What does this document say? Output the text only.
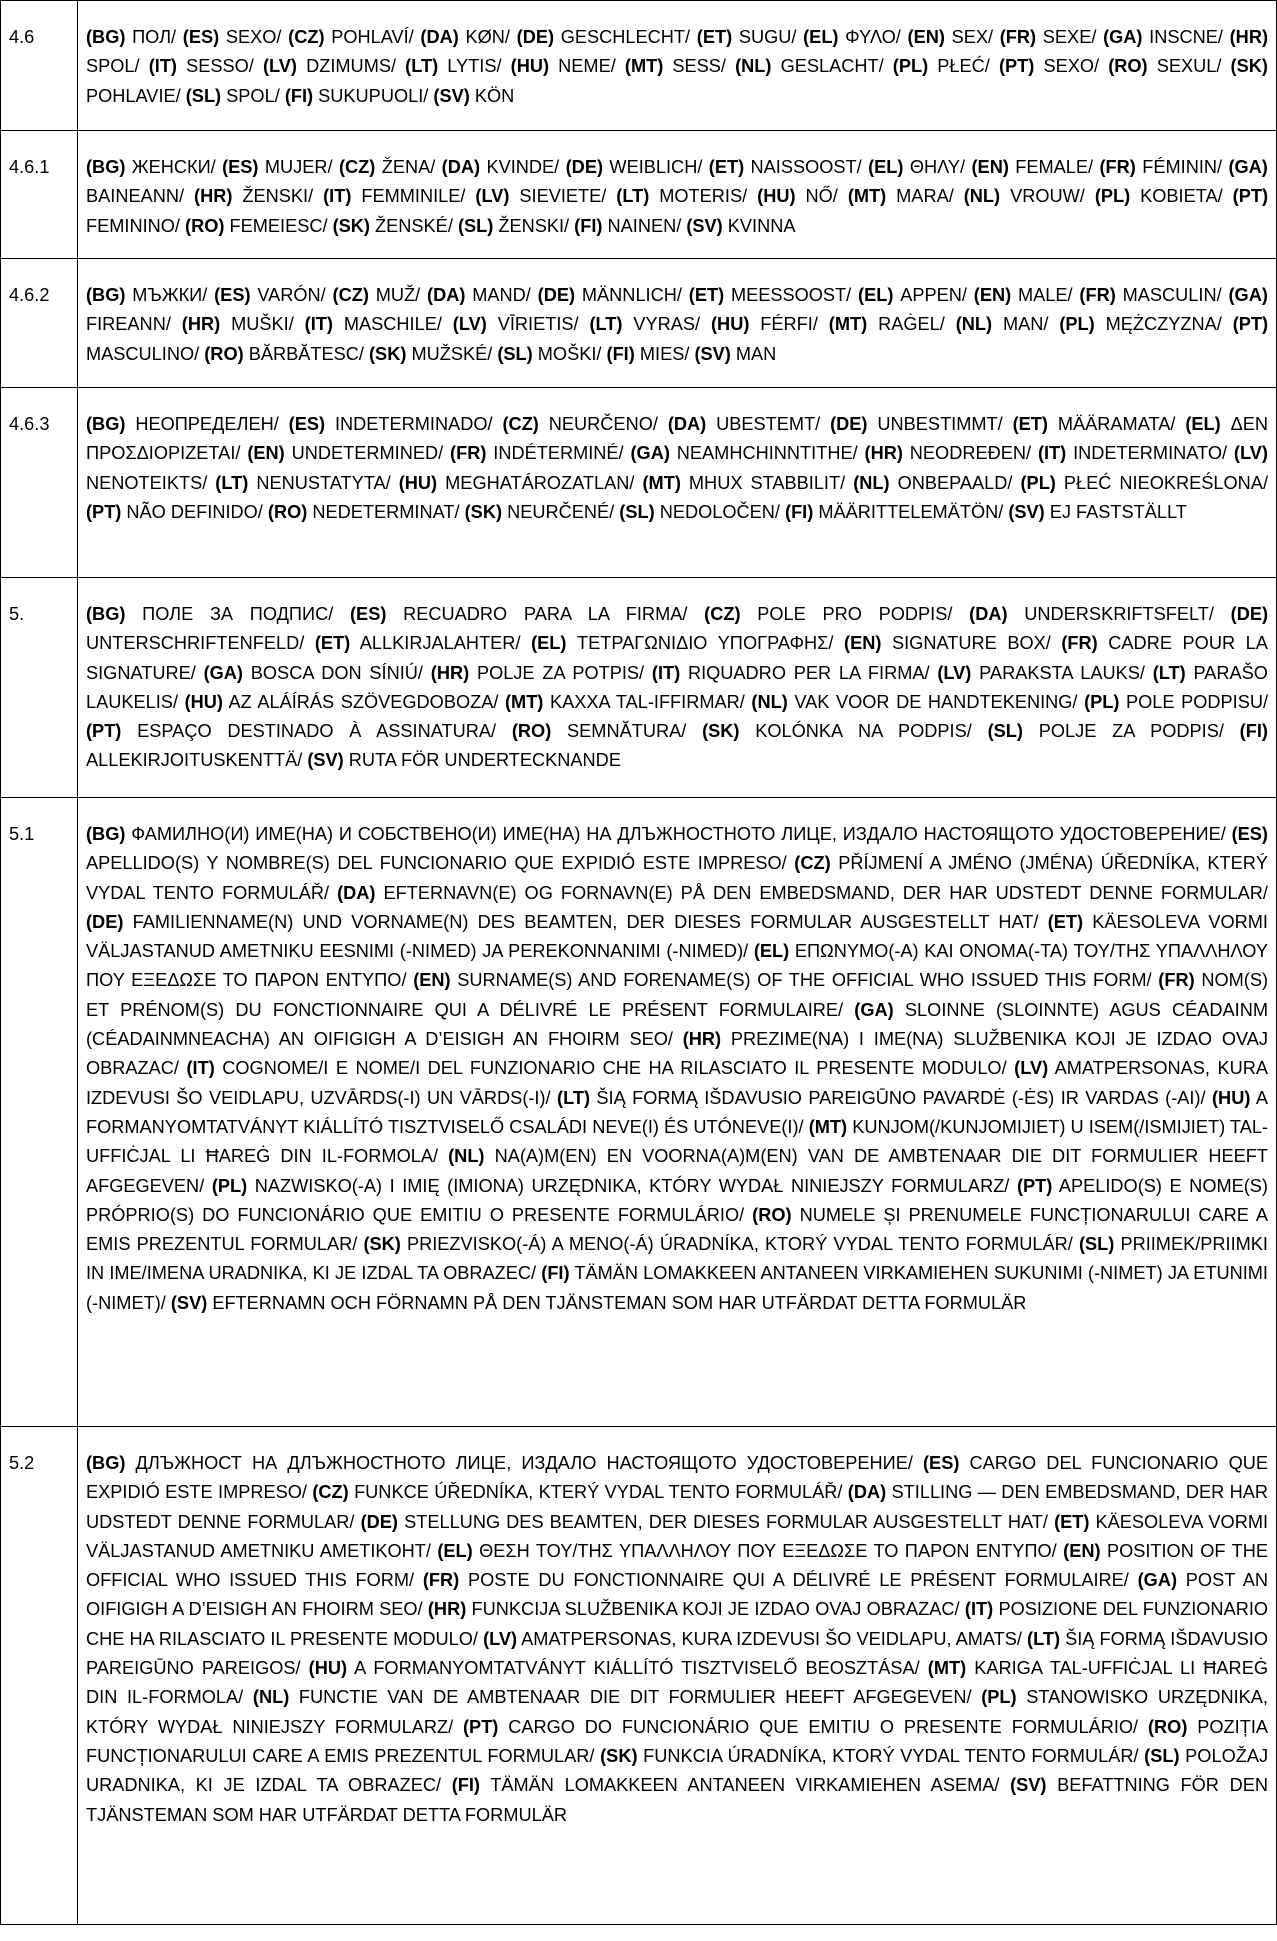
4.6	(BG) ПОЛ/ (ES) SEXO/ (CZ) POHLAVÍ/ (DA) KØN/ (DE) GESCHLECHT/ (ET) SUGU/ (EL) ΦΥΛΟ/ (EN) SEX/ (FR) SEXE/ (GA) INSCNE/ (HR) SPOL/ (IT) SESSO/ (LV) DZIMUMS/ (LT) LYTIS/ (HU) NEME/ (MT) SESS/ (NL) GESLACHT/ (PL) PŁEĆ/ (PT) SEXO/ (RO) SEXUL/ (SK) POHLAVIE/ (SL) SPOL/ (FI) SUKUPUOLI/ (SV) KÖN
4.6.1	(BG) ЖЕНСКИ/ (ES) MUJER/ (CZ) ŽENA/ (DA) KVINDE/ (DE) WEIBLICH/ (ET) NAISSOOST/ (EL) ΘΗΛΥ/ (EN) FEMALE/ (FR) FÉMININ/ (GA) BAINEANN/ (HR) ŽENSKI/ (IT) FEMMINILE/ (LV) SIEVIETE/ (LT) MOTERIS/ (HU) NŐ/ (MT) MARA/ (NL) VROUW/ (PL) KOBIETA/ (PT) FEMININO/ (RO) FEMEIESC/ (SK) ŽENSKÉ/ (SL) ŽENSKI/ (FI) NAINEN/ (SV) KVINNA
4.6.2	(BG) МЪЖКИ/ (ES) VARÓN/ (CZ) MUŽ/ (DA) MAND/ (DE) MÄNNLICH/ (ET) MEESSOOST/ (EL) ΑΡΡΕΝ/ (EN) MALE/ (FR) MASCULIN/ (GA) FIREANN/ (HR) MUŠKI/ (IT) MASCHILE/ (LV) VĪRIETIS/ (LT) VYRAS/ (HU) FÉRFI/ (MT) RAĠEL/ (NL) MAN/ (PL) MĘŻCZYZNA/ (PT) MASCULINO/ (RO) BĂRBĂTESC/ (SK) MUŽSKÉ/ (SL) MOŠKI/ (FI) MIES/ (SV) MAN
4.6.3	(BG) НЕОПРЕДЕЛЕН/ (ES) INDETERMINADO/ (CZ) NEURČENO/ (DA) UBESTEMT/ (DE) UNBESTIMMT/ (ET) MÄÄRAMATA/ (EL) ΔΕΝ ΠΡΟΣΔΙΟΡΙΖΕΤΑΙ/ (EN) UNDETERMINED/ (FR) INDÉTERMINÉ/ (GA) NEAMHCHINNTITHE/ (HR) NEODREĐEN/ (IT) INDETERMINATO/ (LV) NENOTEIKTS/ (LT) NENUSTATYTA/ (HU) MEGHATÁROZATLAN/ (MT) MHUX STABBILIT/ (NL) ONBEPAALD/ (PL) PŁEĆ NIEOKREŚLONA/ (PT) NÃO DEFINIDO/ (RO) NEDETERMINAT/ (SK) NEURČENÉ/ (SL) NEDOLOČEN/ (FI) MÄÄRITTELEMÄTÖN/ (SV) EJ FASTSTÄLLT
5.	(BG) ПОЛЕ ЗА ПОДПИС/ (ES) RECUADRO PARA LA FIRMA/ (CZ) POLE PRO PODPIS/ (DA) UNDERSKRIFTSFELT/ (DE) UNTERSCHRIFTENFELD/ (ET) ALLKIRJALAHTER/ (EL) ΤΕΤΡΑΓΩΝΙΔΙΟ ΥΠΟΓΡΑΦΗΣ/ (EN) SIGNATURE BOX/ (FR) CADRE POUR LA SIGNATURE/ (GA) BOSCA DON SÍNIÚ/ (HR) POLJE ZA POTPIS/ (IT) RIQUADRO PER LA FIRMA/ (LV) PARAKSTA LAUKS/ (LT) PARAŠO LAUKELIS/ (HU) AZ ALÁÍRÁS SZÖVEGDOBOZA/ (MT) KAXXA TAL-IFFIRMAR/ (NL) VAK VOOR DE HANDTEKENING/ (PL) POLE PODPISU/ (PT) ESPAÇO DESTINADO À ASSINATURA/ (RO) SEMNĂTURA/ (SK) KOLÓNKA NA PODPIS/ (SL) POLJE ZA PODPIS/ (FI) ALLEKIRJOITUSKENTTÄ/ (SV) RUTA FÖR UNDERTECKNANDE
5.1	(BG) ФАМИЛНО(И) ИМЕ(НА) И СОБСТВЕНО(И) ИМЕ(НА) НА ДЛЪЖНОСТНОТО ЛИЦЕ, ИЗДАЛО НАСТОЯЩОТО УДОСТОВЕРЕНИЕ/ (ES) APELLIDO(S) Y NOMBRE(S) DEL FUNCIONARIO QUE EXPIDIÓ ESTE IMPRESO/ (CZ) PŘÍJMENÍ A JMÉNO (JMÉNA) ÚŘEDNÍKA, KTERÝ VYDAL TENTO FORMULÁŘ/ (DA) EFTERNAVN(E) OG FORNAVN(E) PÅ DEN EMBEDSMAND, DER HAR UDSTEDT DENNE FORMULAR/ (DE) FAMILIENNAME(N) UND VORNAME(N) DES BEAMTEN, DER DIESES FORMULAR AUSGESTELLT HAT/ (ET) KÄESOLEVA VORMI VÄLJASTANUD AMETNIKU EESNIMI (-NIMED) JA PEREKONNANIMI (-NIMED)/ (EL) ΕΠΩΝΥΜΟ(-Α) ΚΑΙ ΟΝΟΜΑ(-ΤΑ) ΤΟΥ/ΤΗΣ ΥΠΑΛΛΗΛΟΥ ΠΟΥ ΕΞΕΔΩΣΕ ΤΟ ΠΑΡΟΝ ΕΝΤΥΠΟ/ (EN) SURNAME(S) AND FORENAME(S) OF THE OFFICIAL WHO ISSUED THIS FORM/ (FR) NOM(S) ET PRÉNOM(S) DU FONCTIONNAIRE QUI A DÉLIVRÉ LE PRÉSENT FORMULAIRE/ (GA) SLOINNE (SLOINNTE) AGUS CÉADAINM (CÉADAINMNEACHA) AN OIFIGIGH A D’EISIGH AN FHOIRM SEO/ (HR) PREZIME(NA) I IME(NA) SLUŽBENIKA KOJI JE IZDAO OVAJ OBRAZAC/ (IT) COGNOME/I E NOME/I DEL FUNZIONARIO CHE HA RILASCIATO IL PRESENTE MODULO/ (LV) AMATPERSONAS, KURA IZDEVUSI ŠO VEIDLAPU, UZVĀRDS(-I) UN VĀRDS(-I)/ (LT) ŠIĄ FORMĄ IŠDAVUSIO PAREIGŪNO PAVARDĖ (-ĖS) IR VARDAS (-AI)/ (HU) A FORMANYOMTATVÁNYT KIÁLLÍTÓ TISZTVISELŐ CSALÁDI NEVE(I) ÉS UTÓNEVE(I)/ (MT) KUNJOM(/KUNJOMIJIET) U ISEM(/ISMIJIET) TAL-UFFIĊJAL LI ĦAREĠ DIN IL-FORMOLA/ (NL) NA(A)M(EN) EN VOORNA(A)M(EN) VAN DE AMBTENAAR DIE DIT FORMULIER HEEFT AFGEGEVEN/ (PL) NAZWISKO(-A) I IMIĘ (IMIONA) URZĘDNIKA, KTÓRY WYDAŁ NINIEJSZY FORMULARZ/ (PT) APELIDO(S) E NOME(S) PRÓPRIO(S) DO FUNCIONÁRIO QUE EMITIU O PRESENTE FORMULÁRIO/ (RO) NUMELE ȘI PRENUMELE FUNCȚIONARULUI CARE A EMIS PREZENTUL FORMULAR/ (SK) PRIEZVISKO(-Á) A MENO(-Á) ÚRADNÍKA, KTORÝ VYDAL TENTO FORMULÁR/ (SL) PRIIMEK/PRIIMKI IN IME/IMENA URADNIKA, KI JE IZDAL TA OBRAZEC/ (FI) TÄMÄN LOMAKKEEN ANTANEEN VIRKAMIEHEN SUKUNIMI (-NIMET) JA ETUNIMI (-NIMET)/ (SV) EFTERNAMN OCH FÖRNAMN PÅ DEN TJÄNSTEMAN SOM HAR UTFÄRDAT DETTA FORMULÄR
5.2	(BG) ДЛЪЖНОСТ НА ДЛЪЖНОСТНОТО ЛИЦЕ, ИЗДАЛО НАСТОЯЩОТО УДОСТОВЕРЕНИЕ/ (ES) CARGO DEL FUNCIONARIO QUE EXPIDIÓ ESTE IMPRESO/ (CZ) FUNKCE ÚŘEDNÍKA, KTERÝ VYDAL TENTO FORMULÁŘ/ (DA) STILLING — DEN EMBEDSMAND, DER HAR UDSTEDT DENNE FORMULAR/ (DE) STELLUNG DES BEAMTEN, DER DIESES FORMULAR AUSGESTELLT HAT/ (ET) KÄESOLEVA VORMI VÄLJASTANUD AMETNIKU AMETIKOHT/ (EL) ΘΕΣΗ ΤΟΥ/ΤΗΣ ΥΠΑΛΛΗΛΟΥ ΠΟΥ ΕΞΕΔΩΣΕ ΤΟ ΠΑΡΟΝ ΕΝΤΥΠΟ/ (EN) POSITION OF THE OFFICIAL WHO ISSUED THIS FORM/ (FR) POSTE DU FONCTIONNAIRE QUI A DÉLIVRÉ LE PRÉSENT FORMULAIRE/ (GA) POST AN OIFIGIGH A D’EISIGH AN FHOIRM SEO/ (HR) FUNKCIJA SLUŽBENIKA KOJI JE IZDAO OVAJ OBRAZAC/ (IT) POSIZIONE DEL FUNZIONARIO CHE HA RILASCIATO IL PRESENTE MODULO/ (LV) AMATPERSONAS, KURA IZDEVUSI ŠO VEIDLAPU, AMATS/ (LT) ŠIĄ FORMĄ IŠDAVUSIO PAREIGŪNO PAREIGOS/ (HU) A FORMANYOMTATVÁNYT KIÁLLÍTÓ TISZTVISELŐ BEOSZTÁSA/ (MT) KARIGA TAL-UFFIĊJAL LI ĦAREĠ DIN IL-FORMOLA/ (NL) FUNCTIE VAN DE AMBTENAAR DIE DIT FORMULIER HEEFT AFGEGEVEN/ (PL) STANOWISKO URZĘDNIKA, KTÓRY WYDAŁ NINIEJSZY FORMULARZ/ (PT) CARGO DO FUNCIONÁRIO QUE EMITIU O PRESENTE FORMULÁRIO/ (RO) POZIȚIA FUNCȚIONARULUI CARE A EMIS PREZENTUL FORMULAR/ (SK) FUNKCIA ÚRADNÍKA, KTORÝ VYDAL TENTO FORMULÁR/ (SL) POLOŽAJ URADNIKA, KI JE IZDAL TA OBRAZEC/ (FI) TÄMÄN LOMAKKEEN ANTANEEN VIRKAMIEHEN ASEMA/ (SV) BEFATTNING FÖR DEN TJÄNSTEMAN SOM HAR UTFÄRDAT DETTA FORMULÄR
